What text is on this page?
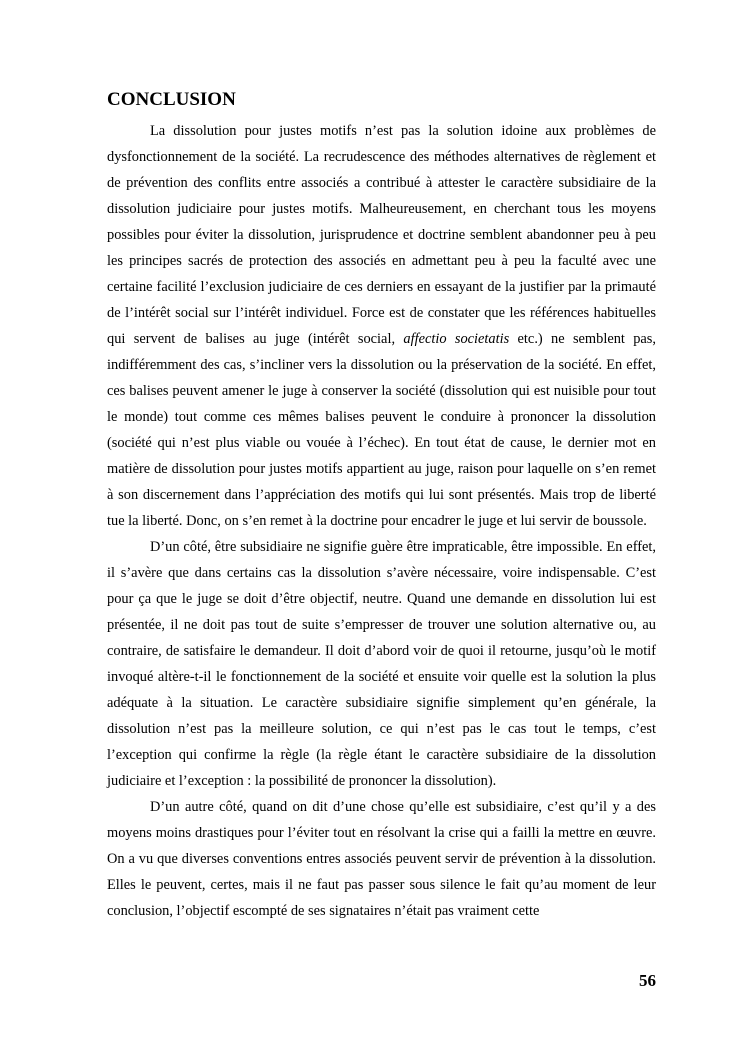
CONCLUSION

La dissolution pour justes motifs n’est pas la solution idoine aux problèmes de dysfonctionnement de la société. La recrudescence des méthodes alternatives de règlement et de prévention des conflits entre associés a contribué à attester le caractère subsidiaire de la dissolution judiciaire pour justes motifs. Malheureusement, en cherchant tous les moyens possibles pour éviter la dissolution, jurisprudence et doctrine semblent abandonner peu à peu les principes sacrés de protection des associés en admettant peu à peu la faculté avec une certaine facilité l’exclusion judiciaire de ces derniers en essayant de la justifier par la primauté de l’intérêt social sur l’intérêt individuel. Force est de constater que les références habituelles qui servent de balises au juge (intérêt social, affectio societatis etc.) ne semblent pas, indifféremment des cas, s’incliner vers la dissolution ou la préservation de la société. En effet, ces balises peuvent amener le juge à conserver la société (dissolution qui est nuisible pour tout le monde) tout comme ces mêmes balises peuvent le conduire à prononcer la dissolution (société qui n’est plus viable ou vouée à l’échec). En tout état de cause, le dernier mot en matière de dissolution pour justes motifs appartient au juge, raison pour laquelle on s’en remet à son discernement dans l’appréciation des motifs qui lui sont présentés. Mais trop de liberté tue la liberté. Donc, on s’en remet à la doctrine pour encadrer le juge et lui servir de boussole.

D’un côté, être subsidiaire ne signifie guère être impraticable, être impossible. En effet, il s’avère que dans certains cas la dissolution s’avère nécessaire, voire indispensable. C’est pour ça que le juge se doit d’être objectif, neutre. Quand une demande en dissolution lui est présentée, il ne doit pas tout de suite s’empresser de trouver une solution alternative ou, au contraire, de satisfaire le demandeur. Il doit d’abord voir de quoi il retourne, jusqu’où le motif invoqué altère-t-il le fonctionnement de la société et ensuite voir quelle est la solution la plus adéquate à la situation. Le caractère subsidiaire signifie simplement qu’en générale, la dissolution n’est pas la meilleure solution, ce qui n’est pas le cas tout le temps, c’est l’exception qui confirme la règle (la règle étant le caractère subsidiaire de la dissolution judiciaire et l’exception : la possibilité de prononcer la dissolution).

D’un autre côté, quand on dit d’une chose qu’elle est subsidiaire, c’est qu’il y a des moyens moins drastiques pour l’éviter tout en résolvant la crise qui a failli la mettre en œuvre. On a vu que diverses conventions entres associés peuvent servir de prévention à la dissolution. Elles le peuvent, certes, mais il ne faut pas passer sous silence le fait qu’au moment de leur conclusion, l’objectif escompté de ses signataires n’était pas vraiment cette

56
